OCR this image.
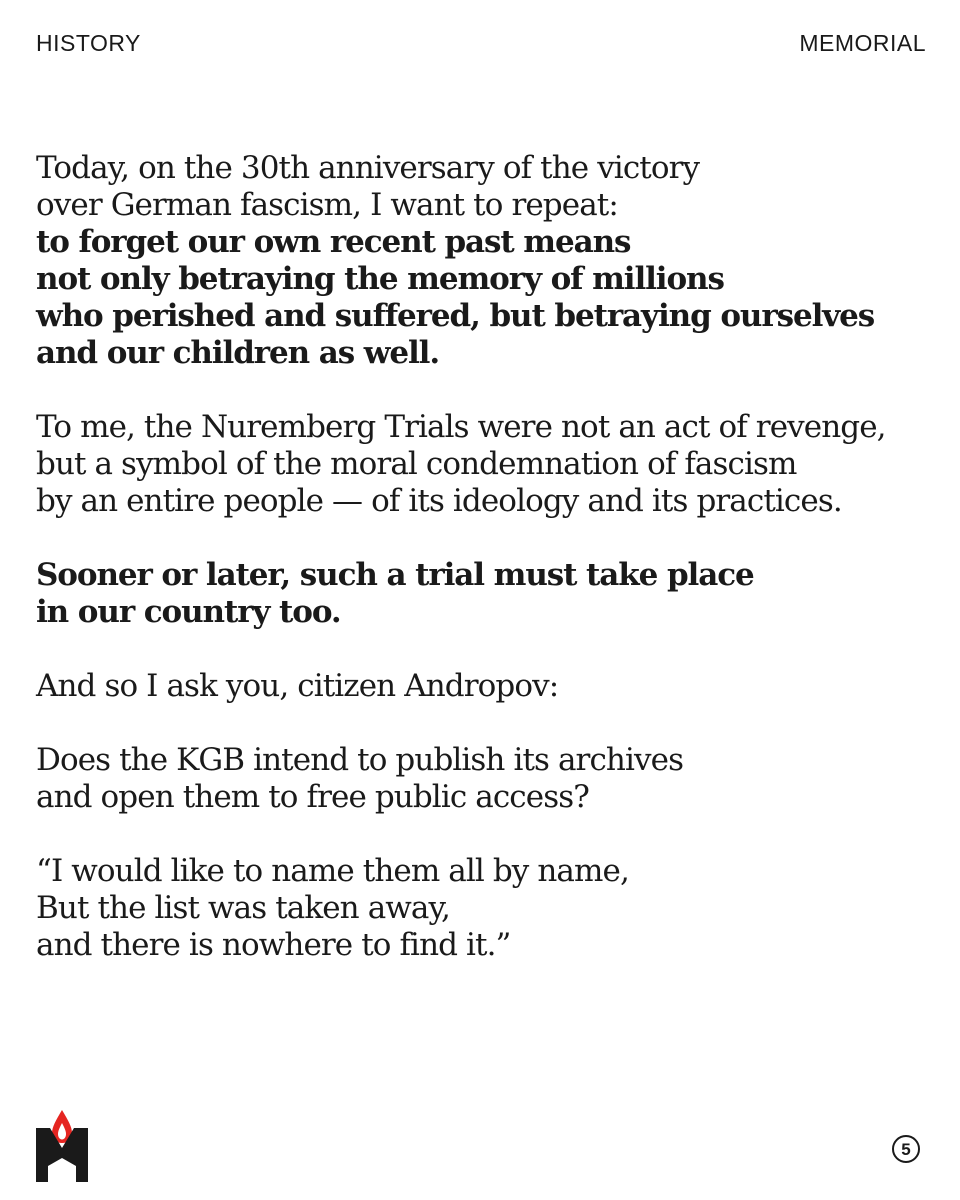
HISTORY	MEMORIAL
Today, on the 30th anniversary of the victory
over German fascism, I want to repeat:
to forget our own recent past means
not only betraying the memory of millions
who perished and suffered, but betraying ourselves
and our children as well.
To me, the Nuremberg Trials were not an act of revenge,
but a symbol of the moral condemnation of fascism
by an entire people — of its ideology and its practices.
Sooner or later, such a trial must take place
in our country too.
And so I ask you, citizen Andropov:
Does the KGB intend to publish its archives
and open them to free public access?
“I would like to name them all by name,
But the list was taken away,
and there is nowhere to find it.”
5
